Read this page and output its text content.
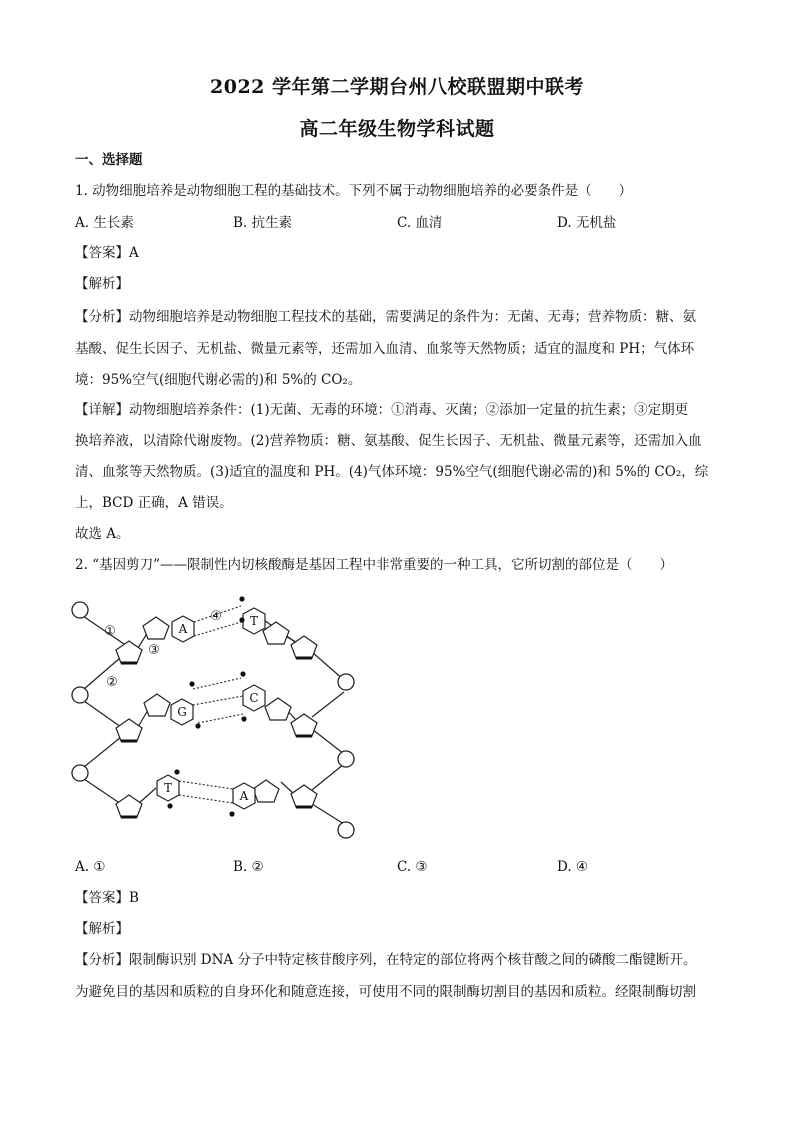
2022 学年第二学期台州八校联盟期中联考
高二年级生物学科试题
一、选择题
1. 动物细胞培养是动物细胞工程的基础技术。下列不属于动物细胞培养的必要条件是（　　）
A. 生长素	B. 抗生素	C. 血清	D. 无机盐
【答案】A
【解析】
【分析】动物细胞培养是动物细胞工程技术的基础，需要满足的条件为：无菌、无毒；营养物质：糖、氨
基酸、促生长因子、无机盐、微量元素等，还需加入血清、血浆等天然物质；适宜的温度和 PH；气体环
境：95%空气(细胞代谢必需的)和 5%的 CO₂。
【详解】动物细胞培养条件：(1)无菌、无毒的环境：①消毒、灭菌；②添加一定量的抗生素；③定期更
换培养液，以清除代谢废物。(2)营养物质：糖、氨基酸、促生长因子、无机盐、微量元素等，还需加入血
清、血浆等天然物质。(3)适宜的温度和 PH。(4)气体环境：95%空气(细胞代谢必需的)和 5%的 CO₂，综
上，BCD 正确，A 错误。
故选 A。
2. “基因剪刀”——限制性内切核酸酶是基因工程中非常重要的一种工具，它所切割的部位是（　　）
A
T
G
C
T
A
①
②
③
④
A. ①	B. ②	C. ③	D. ④
【答案】B
【解析】
【分析】限制酶识别 DNA 分子中特定核苷酸序列，在特定的部位将两个核苷酸之间的磷酸二酯键断开。
为避免目的基因和质粒的自身环化和随意连接，可使用不同的限制酶切割目的基因和质粒。经限制酶切割
